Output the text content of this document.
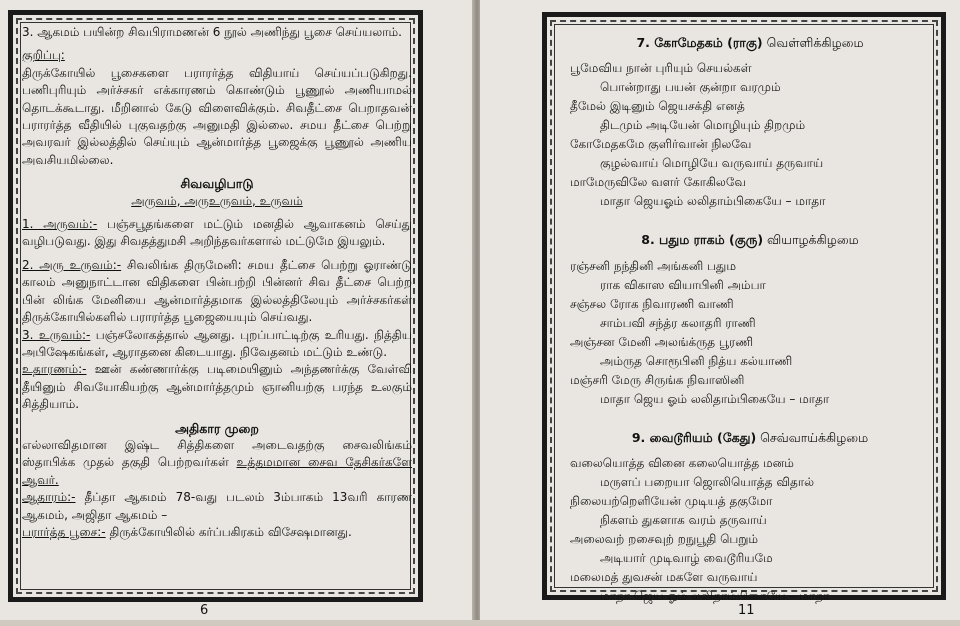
3. ஆகமம் பயின்ற சிவபிராமணன் 6 நூல் அணிந்து பூசை செய்யலாம்.

குறிப்பு:

திருக்கோயில் பூசைகளை பராரர்த்த விதியாய் செய்யப்படுகிறது. பணிபுரியும் அர்ச்சகர் எக்காரணம் கொண்டும் பூணூல் அணியாமல் தொடக்கூடாது. மீறினால் கேடு விளைவிக்கும். சிவதீட்சை பெறாதவன் பராரர்த்த வீதியில் புகுவதற்கு அனுமதி இல்லை. சமய தீட்சை பெற்று அவரவர் இல்லத்தில் செய்யும் ஆன்மார்த்த பூஜைக்கு பூணூல் அணிய அவசியமில்லை.

சிவவழிபாடு

அருவம், அருஉருவம், உருவம்

1. அருவம்:- பஞ்சபூதங்களை மட்டும் மனதில் ஆவாகனம் செய்து வழிபடுவது. இது சிவதத்துமசி அறிந்தவர்களால் மட்டுமே இயலும்.

2. அரு உருவம்:- சிவலிங்க திருமேனி: சமய தீட்சை பெற்று ஓராண்டு காலம் அனுநாட்டான விதிகளை பின்பற்றி பின்னர் சிவ தீட்சை பெற்ற பின் லிங்க மேனியை ஆன்மார்த்தமாக இல்லத்திலேயும் அர்ச்சகர்கள் திருக்கோயில்களில் பராரர்த்த பூஜையையும் செய்வது.

3. உருவம்:- பஞ்சலோகத்தால் ஆனது. புறப்பாட்டிற்கு உரியது. நித்திய அபிஷேகங்கள், ஆராதனை கிடையாது. நிவேதனம் மட்டும் உண்டு.

உதாரணம்:- ஊன் கண்ணார்க்கு படிமையினும் அந்தணர்க்கு வேள்வி தீயினும் சிவயோகியற்கு ஆன்மார்த்தமும் ஞானியற்கு பரந்த உலகும் சித்தியாம்.

அதிகார முறை

எல்லாவிதமான இஷ்ட சித்திகளை அடைவதற்கு சைவலிங்கம் ஸ்தாபிக்க முதல் தகுதி பெற்றவர்கள் உத்தமமான சைவ தேசிகர்களே ஆவர்.

ஆதாரம்:- தீப்தா ஆகமம் 78-வது படலம் 3ம்பாகம் 13வரி காரண ஆகமம், அஜிதா ஆகமம் –

பரார்த்த பூசை:- திருக்கோயிலில் கர்ப்பகிரகம் விசேஷமானது.

6

7. கோமேதகம் (ராகு) வெள்ளிக்கிழமை

பூமேவிய நான் புரியும் செயல்கள்
பொன்றாது பயன் குன்றா வரமும்
தீமேல் இடினும் ஜெயசக்தி எனத்
திடமும் அடியேன் மொழியும் திறமும்
கோமேதகமே குளிர்வான் நிலவே
குழல்வாய் மொழியே வருவாய் தருவாய்
மாமேருவிலே வளர் கோகிலவே
மாதா ஜெயஓம் லலிதாம்பிகையே – மாதா

8. பதும ராகம் (குரு) வியாழக்கிழமை

ரஞ்சனி நந்தினி அங்கனி பதும
ராக விகாஸ வியாபினி அம்பா
சஞ்சல ரோக நிவாரணி வாணி
சாம்பவி சந்த்ர கலாதரி ராணி
அஞ்சன மேனி அலங்க்ருத பூரணி
அம்ருத சொரூபினி நித்ய கல்யாணி
மஞ்சரி மேரு சிருங்க நிவாஸினி
மாதா ஜெய ஓம் லலிதாம்பிகையே – மாதா

9. வைடூரியம் (கேது) செவ்வாய்க்கிழமை

வலையொத்த வினை கலையொத்த மனம்
மருளப் பறையா ஜொலியொத்த விதால்
நிலையற்றெளியேன் முடியத் தகுமோ
நிகளம் துகளாக வரம் தருவாய்
அலைவற் றசைவுற் றநுபூதி பெறும்
அடியார் முடிவாழ் வைடூரியமே
மலைமத் துவசன் மகளே வருவாய்
மாதா ஜெய ஓம் லலிதாம்பிகையே – மாதா
11
